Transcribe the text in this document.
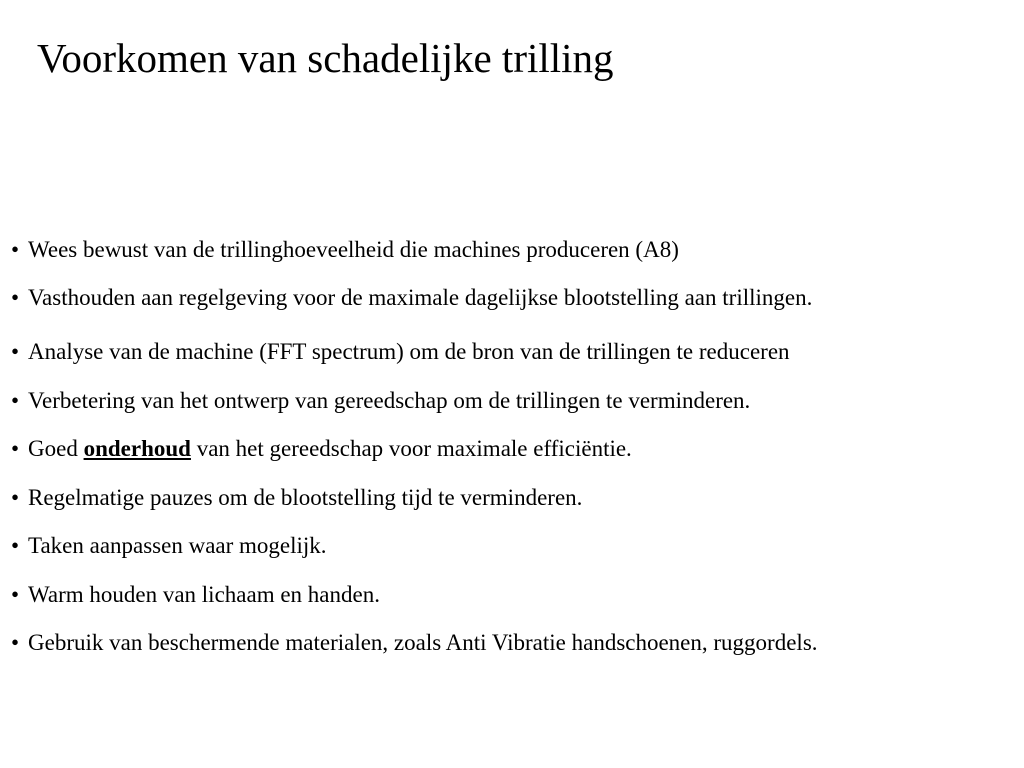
Voorkomen van schadelijke trilling
• Wees bewust van de trillinghoeveelheid die machines produceren (A8)
• Vasthouden aan regelgeving voor de maximale dagelijkse blootstelling aan trillingen.
• Analyse van de machine (FFT spectrum) om de bron van de trillingen te reduceren
• Verbetering van het ontwerp van gereedschap om de trillingen te verminderen.
• Goed onderhoud van het gereedschap voor maximale efficiëntie.
• Regelmatige pauzes om de blootstelling tijd te verminderen.
• Taken aanpassen waar mogelijk.
• Warm houden van lichaam en handen.
• Gebruik van beschermende materialen, zoals Anti Vibratie handschoenen, ruggordels.
